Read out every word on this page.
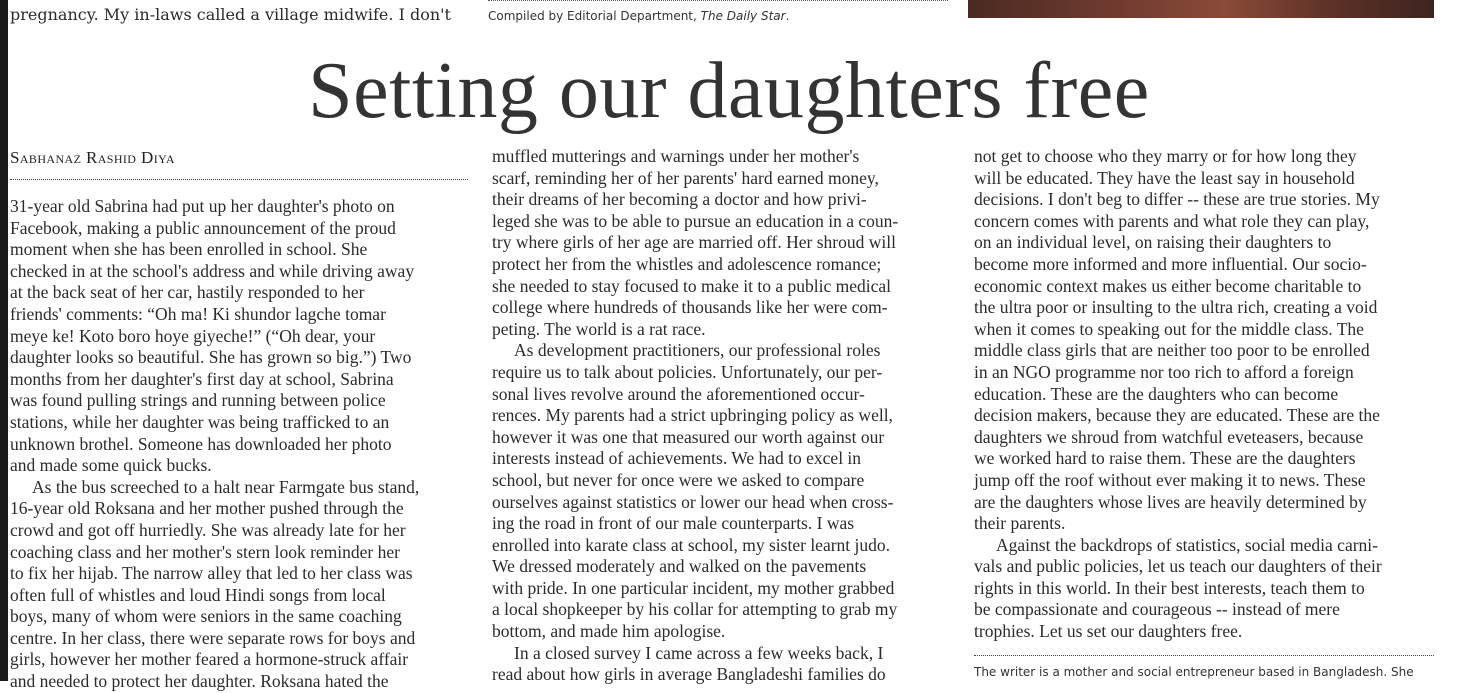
pregnancy. My in-laws called a village midwife. I don't	Compiled by Editorial Department, The Daily Star.
Setting our daughters free
Sabhanaz Rashid Diya
31-year old Sabrina had put up her daughter's photo on
Facebook, making a public announcement of the proud
moment when she has been enrolled in school. She
checked in at the school's address and while driving away
at the back seat of her car, hastily responded to her
friends' comments: “Oh ma! Ki shundor lagche tomar
meye ke! Koto boro hoye giyeche!” (“Oh dear, your
daughter looks so beautiful. She has grown so big.”) Two
months from her daughter's first day at school, Sabrina
was found pulling strings and running between police
stations, while her daughter was being trafficked to an
unknown brothel. Someone has downloaded her photo
and made some quick bucks.
As the bus screeched to a halt near Farmgate bus stand,
16-year old Roksana and her mother pushed through the
crowd and got off hurriedly. She was already late for her
coaching class and her mother's stern look reminder her
to fix her hijab. The narrow alley that led to her class was
often full of whistles and loud Hindi songs from local
boys, many of whom were seniors in the same coaching
centre. In her class, there were separate rows for boys and
girls, however her mother feared a hormone-struck affair
and needed to protect her daughter. Roksana hated the
muffled mutterings and warnings under her mother's
scarf, reminding her of her parents' hard earned money,
their dreams of her becoming a doctor and how privi-
leged she was to be able to pursue an education in a coun-
try where girls of her age are married off. Her shroud will
protect her from the whistles and adolescence romance;
she needed to stay focused to make it to a public medical
college where hundreds of thousands like her were com-
peting. The world is a rat race.
As development practitioners, our professional roles
require us to talk about policies. Unfortunately, our per-
sonal lives revolve around the aforementioned occur-
rences. My parents had a strict upbringing policy as well,
however it was one that measured our worth against our
interests instead of achievements. We had to excel in
school, but never for once were we asked to compare
ourselves against statistics or lower our head when cross-
ing the road in front of our male counterparts. I was
enrolled into karate class at school, my sister learnt judo.
We dressed moderately and walked on the pavements
with pride. In one particular incident, my mother grabbed
a local shopkeeper by his collar for attempting to grab my
bottom, and made him apologise.
In a closed survey I came across a few weeks back, I
read about how girls in average Bangladeshi families do
not get to choose who they marry or for how long they
will be educated. They have the least say in household
decisions. I don't beg to differ -- these are true stories. My
concern comes with parents and what role they can play,
on an individual level, on raising their daughters to
become more informed and more influential. Our socio-
economic context makes us either become charitable to
the ultra poor or insulting to the ultra rich, creating a void
when it comes to speaking out for the middle class. The
middle class girls that are neither too poor to be enrolled
in an NGO programme nor too rich to afford a foreign
education. These are the daughters who can become
decision makers, because they are educated. These are the
daughters we shroud from watchful eveteasers, because
we worked hard to raise them. These are the daughters
jump off the roof without ever making it to news. These
are the daughters whose lives are heavily determined by
their parents.
Against the backdrops of statistics, social media carni-
vals and public policies, let us teach our daughters of their
rights in this world. In their best interests, teach them to
be compassionate and courageous -- instead of mere
trophies. Let us set our daughters free.
The writer is a mother and social entrepreneur based in Bangladesh. She
